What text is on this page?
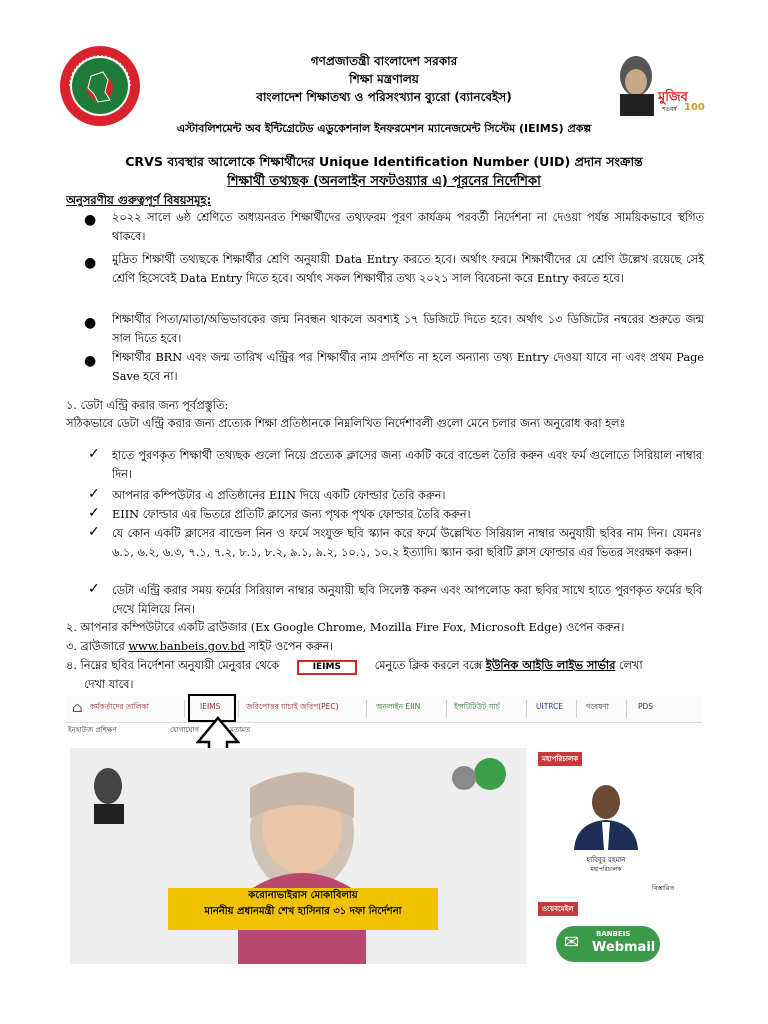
মুজিব
100
শতবর্ষ
গণপ্রজাতন্ত্রী বাংলাদেশ সরকার
শিক্ষা মন্ত্রণালয়
বাংলাদেশ শিক্ষাতথ্য ও পরিসংখ্যান ব্যুরো (ব্যানবেইস)
এস্টাবলিশমেন্ট অব ইন্টিগ্রেটেড এডুকেশনাল ইনফরমেশন ম্যানেজমেন্ট সিস্টেম (IEIMS) প্রকল্প
CRVS ব্যবস্থার আলোকে শিক্ষার্থীদের Unique Identification Number (UID) প্রদান সংক্রান্ত
শিক্ষার্থী তথ্যছক (অনলাইন সফটওয়্যার এ) পূরনের নির্দেশিকা
অনুসরণীয় গুরুত্বপূর্ণ বিষয়সমূহ:
● ২০২২ সালে ৬ষ্ঠ শ্রেণিতে অধ্যয়নরত শিক্ষার্থীদের তথ্যফরম পূরণ কার্যক্রম পরবর্তী নির্দেশনা না দেওয়া পর্যন্ত সাময়িকভাবে স্থগিত থাকবে।
● মুদ্রিত শিক্ষার্থী তথ্যছকে শিক্ষার্থীর শ্রেণি অনুযায়ী Data Entry করতে হবে। অর্থাৎ ফরমে শিক্ষার্থীদের যে শ্রেণি উল্লেখ রয়েছে সেই শ্রেণি হিসেবেই Data Entry দিতে হবে। অর্থাৎ সকল শিক্ষার্থীর তথ্য ২০২১ সাল বিবেচনা করে Entry করতে হবে।
● শিক্ষার্থীর পিতা/মাতা/অভিভাবকের জন্ম নিবন্ধন থাকলে অবশ্যই ১৭ ডিজিটে দিতে হবে। অর্থাৎ ১৩ ডিজিটের নম্বরের শুরুতে জন্ম সাল দিতে হবে।
● শিক্ষার্থীর BRN এবং জন্ম তারিখ এন্ট্রির পর শিক্ষার্থীর নাম প্রদর্শিত না হলে অন্যান্য তথ্য Entry দেওয়া যাবে না এবং প্রথম Page Save হবে না।
১. ডেটা এন্ট্রি করার জন্য পূর্বপ্রস্তুতি:
সঠিকভাবে ডেটা এন্ট্রি করার জন্য প্রত্যেক শিক্ষা প্রতিষ্ঠানকে নিম্নলিখিত নির্দেশাবলী গুলো মেনে চলার জন্য অনুরোধ করা হলঃ
✓ হাতে পুরণকৃত শিক্ষার্থী তথ্যছক গুলো নিয়ে প্রত্যেক ক্লাসের জন্য একটি করে বান্ডেল তৈরি করুন এবং ফর্ম গুলোতে সিরিয়াল নাম্বার দিন।
✓ আপনার কম্পিউটার এ প্রতিষ্ঠানের EIIN দিয়ে একটি ফোল্ডার তৈরি করুন।
✓ EIIN ফোল্ডার এর ভিতরে প্রতিটি ক্লাসের জন্য পৃথক পৃথক ফোল্ডার তৈরি করুন।
✓ যে কোন একটি ক্লাসের বান্ডেল নিন ও ফর্মে সংযুক্ত ছবি স্ক্যান করে ফর্মে উল্লেখিত সিরিয়াল নাম্বার অনুযায়ী ছবির নাম দিন। যেমনঃ ৬.১, ৬.২, ৬.৩, ৭.১, ৭.২, ৮.১, ৮.২, ৯.১, ৯.২, ১০.১, ১০.২ ইত্যাদি। স্ক্যান করা ছবিটি ক্লাস ফোল্ডার এর ভিতর সংরক্ষণ করুন।
✓ ডেটা এন্ট্রি করার সময় ফর্মের সিরিয়াল নাম্বার অনুযায়ী ছবি সিলেক্ট করুন এবং আপলোড করা ছবির সাথে হাতে পুরণকৃত ফর্মের ছবি দেখে মিলিয়ে নিন।
২. আপনার কম্পিউটারে একটি ব্রাউজার (Ex Google Chrome, Mozilla Fire Fox, Microsoft Edge) ওপেন করুন।
৩. ব্রাউজারে www.banbeis.gov.bd সাইট ওপেন করুন।
৪. নিম্নের ছবির নির্দেশনা অনুযায়ী মেনুবার থেকে	IEIMS	মেনুতে ক্লিক করলে বক্সে ইউনিক আইডি লাইভ সার্ভার লেখা
দেখা যাবে।
⌂ কর্মকর্তাদের তালিকা	IEIMS	জরিপোত্তর যাচাই জরিপ(PEC)	অনলাইন EIIN	ইন্সটিটিউট সার্চ	UITRCE	গবেষণা	PDS
ইনহাউজ প্রশিক্ষণ	যোগাযোগ	মতামত
করোনাভাইরাস মোকাবিলায়
মাননীয় প্রধানমন্ত্রী শেখ হাসিনার ৩১ দফা নির্দেশনা
মহাপরিচালক
হাবিবুর রহমান
মহাপরিচালক
বিস্তারিত
ওয়েবমেইল
✉ BANBEIS
Webmail
